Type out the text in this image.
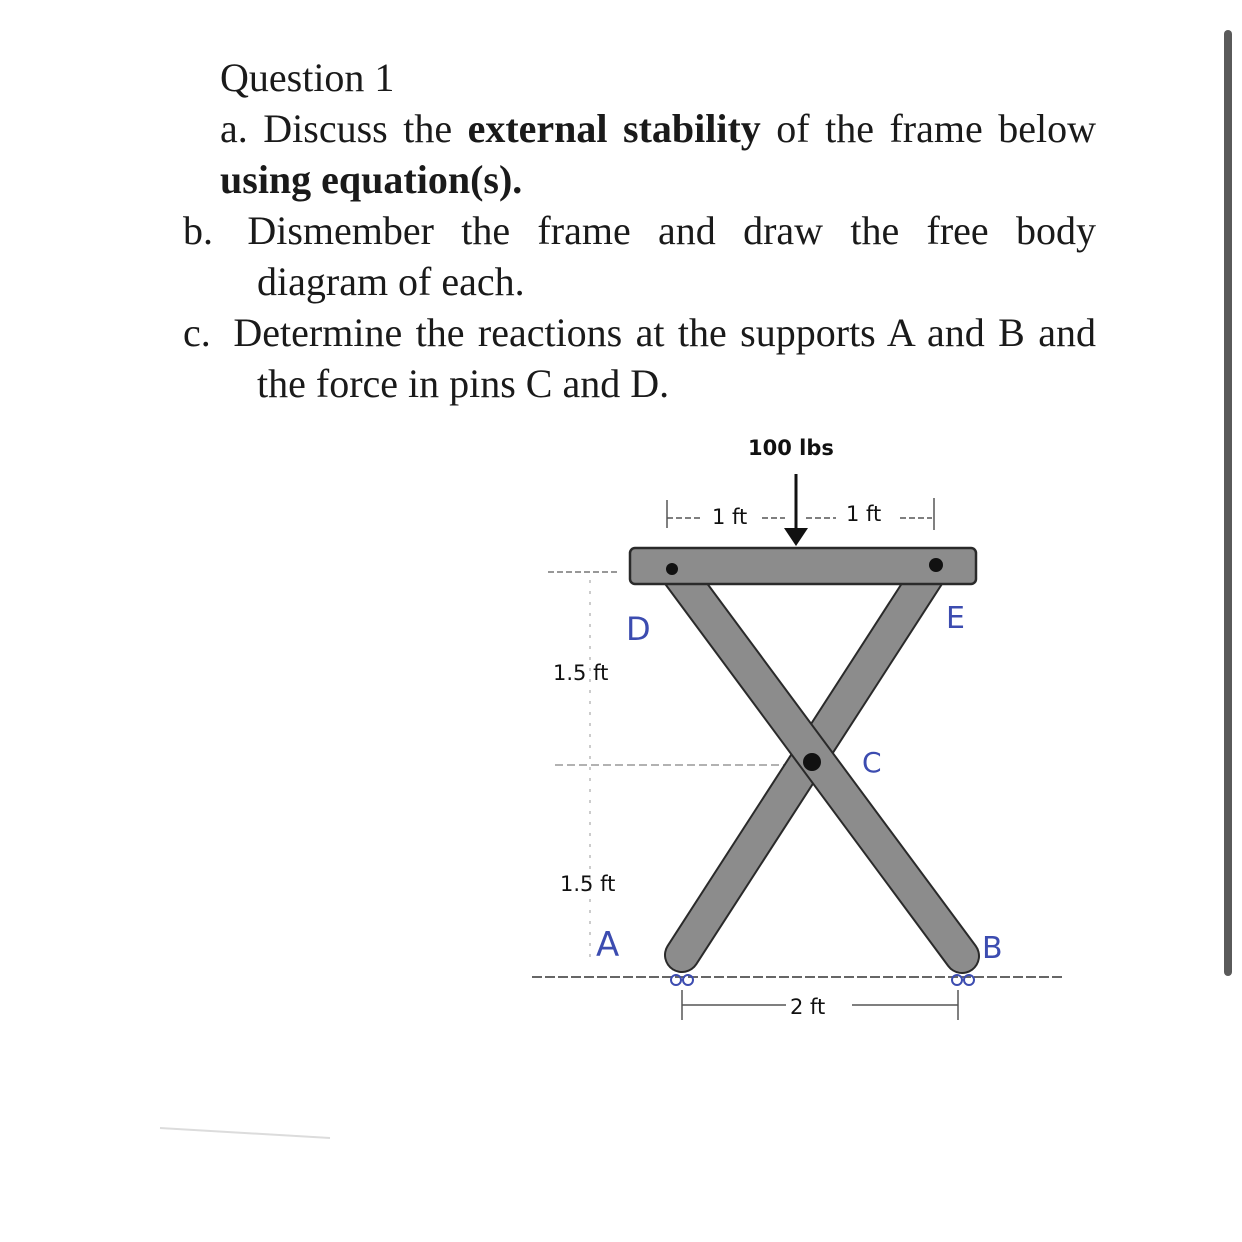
Question 1

a. Discuss the external stability of the frame below using equation(s).

b. Dismember the frame and draw the free body diagram of each.

c. Determine the reactions at the supports A and B and the force in pins C and D.

100 lbs
1 ft	1 ft
1.5 ft
1.5 ft
2 ft
D	E
C
A	B
